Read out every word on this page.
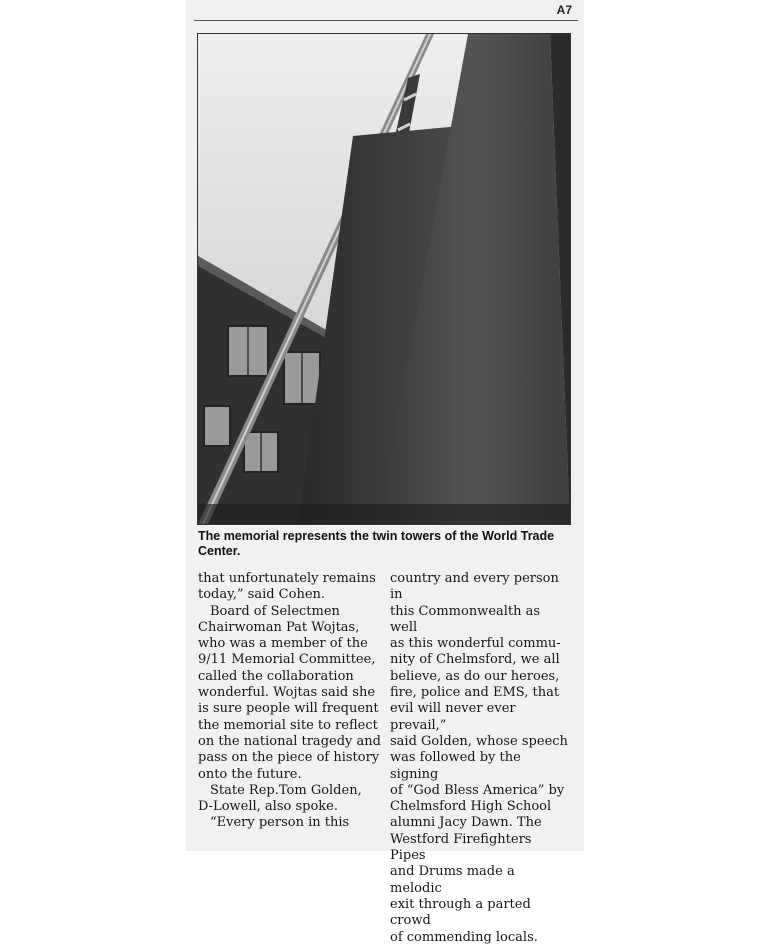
A7
The memorial represents the twin towers of the World Trade Center.

that unfortunately remains

today,” said Cohen.

Board of Selectmen

Chairwoman Pat Wojtas,

who was a member of the

9/11 Memorial Committee,

called the collaboration

wonderful. Wojtas said she

is sure people will frequent

the memorial site to reflect

on the national tragedy and

pass on the piece of history

onto the future.

State Rep.Tom Golden,

D-Lowell, also spoke.

“Every person in this

country and every person in

this Commonwealth as well

as this wonderful commu-

nity of Chelmsford, we all

believe, as do our heroes,

fire, police and EMS, that

evil will never ever prevail,”

said Golden, whose speech

was followed by the signing

of “God Bless America” by

Chelmsford High School

alumni Jacy Dawn. The

Westford Firefighters Pipes

and Drums made a melodic

exit through a parted crowd

of commending locals.
